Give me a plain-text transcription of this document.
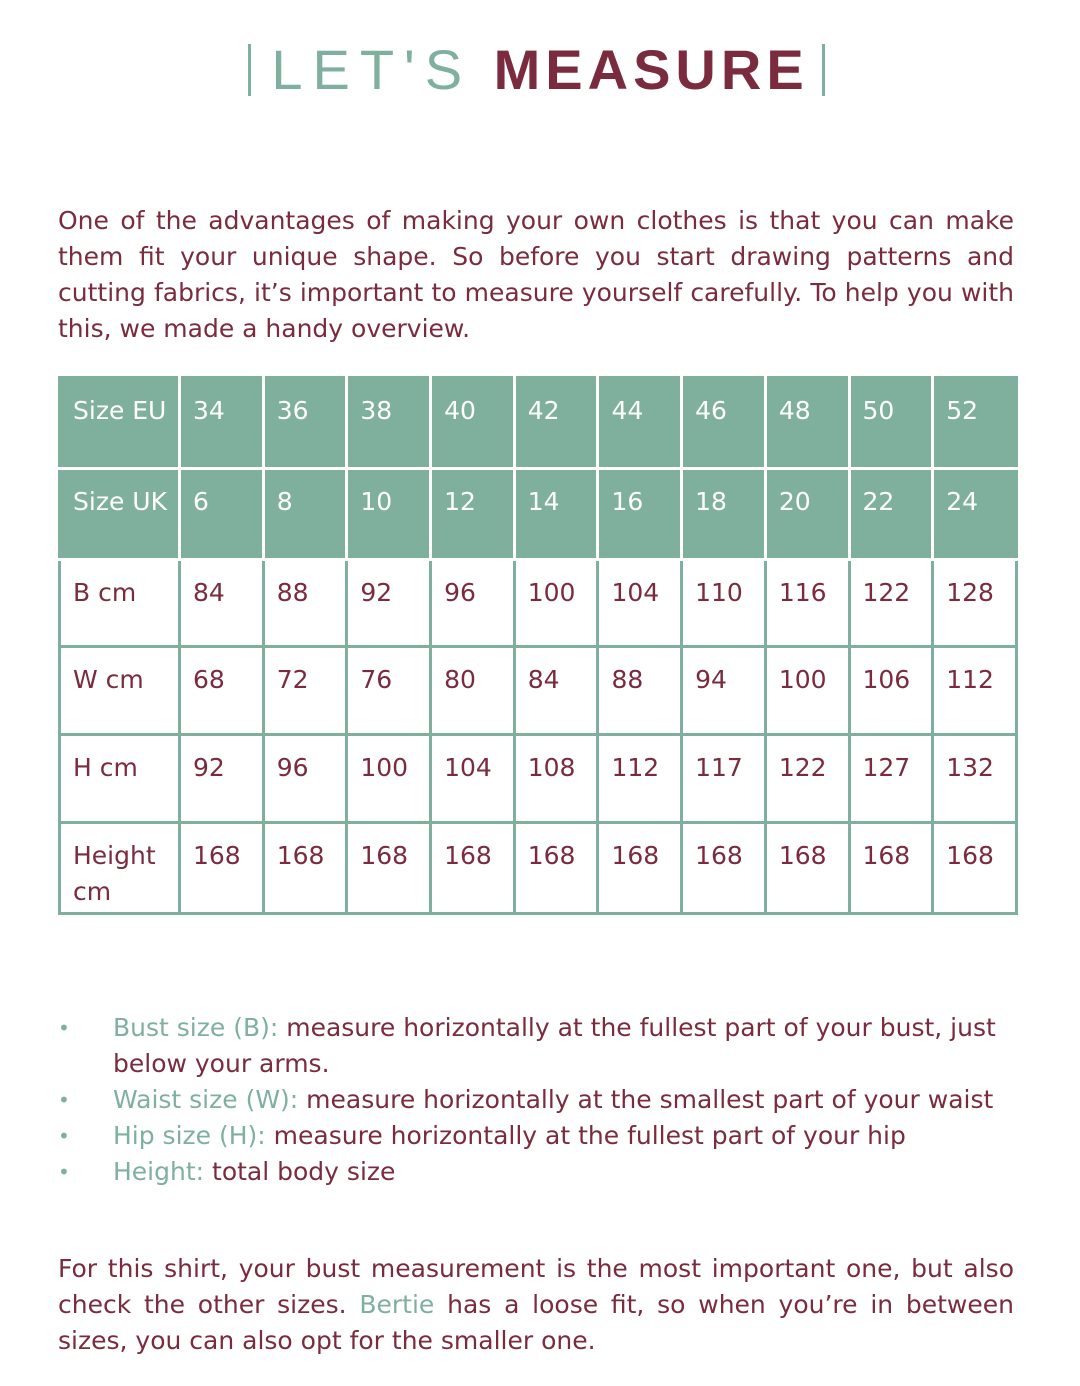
LET'S MEASURE

One of the advantages of making your own clothes is that you can make them fit your unique shape. So before you start drawing patterns and cutting fabrics, it’s important to measure yourself carefully. To help you with this, we made a handy overview.

Size EU	34	36	38	40	42	44	46	48	50	52
Size UK	6	8	10	12	14	16	18	20	22	24
B cm	84	88	92	96	100	104	110	116	122	128
W cm	68	72	76	80	84	88	94	100	106	112
H cm	92	96	100	104	108	112	117	122	127	132
Height cm	168	168	168	168	168	168	168	168	168	168
• Bust size (B): measure horizontally at the fullest part of your bust, just below your arms.
• Waist size (W): measure horizontally at the smallest part of your waist
• Hip size (H): measure horizontally at the fullest part of your hip
• Height: total body size

For this shirt, your bust measurement is the most important one, but also check the other sizes. Bertie has a loose fit, so when you’re in between sizes, you can also opt for the smaller one.
